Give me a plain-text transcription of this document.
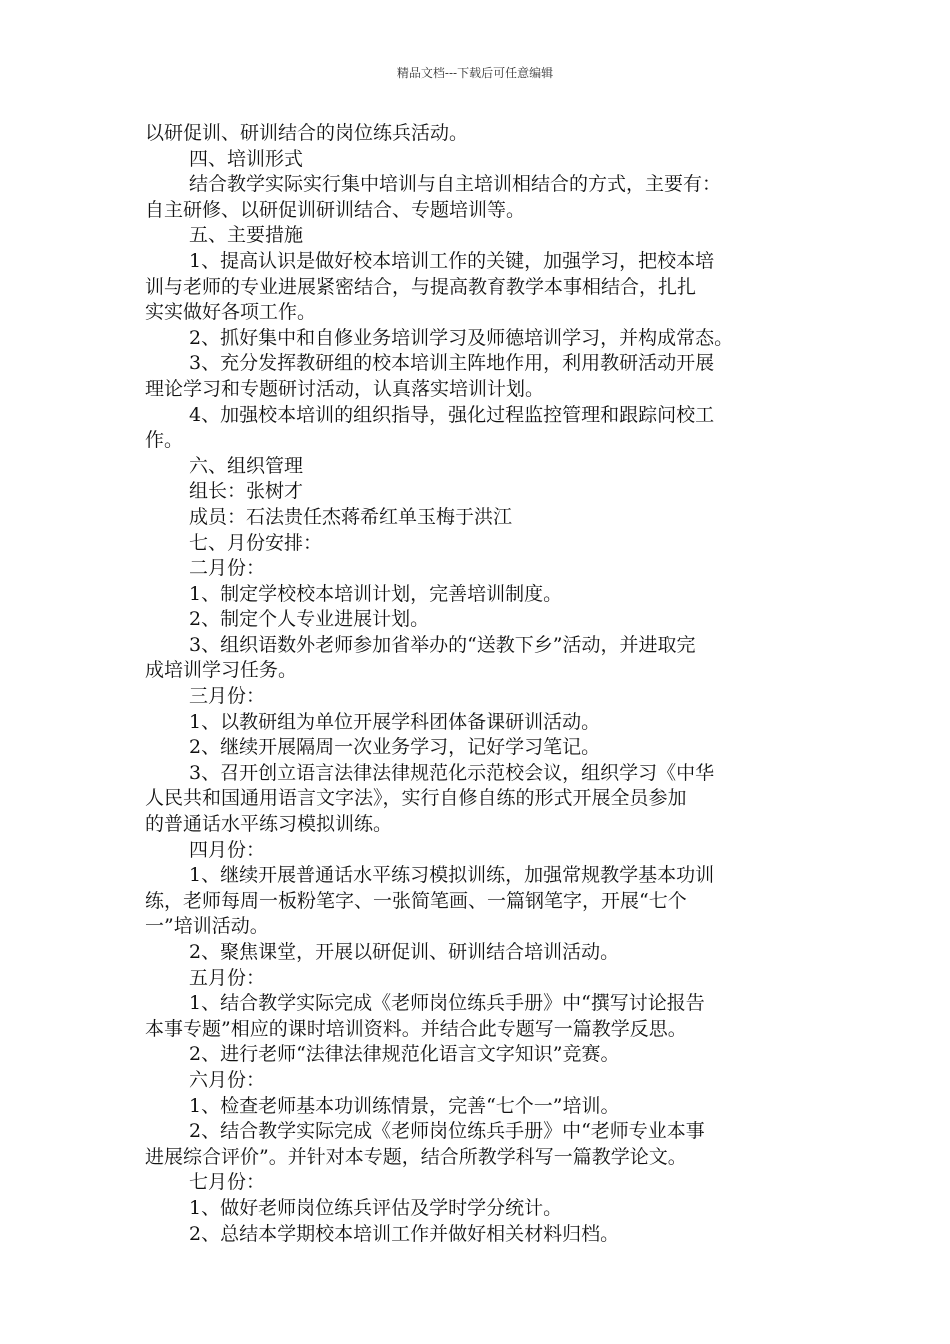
精品文档---下载后可任意编辑
以研促训、研训结合的岗位练兵活动。
四、培训形式
结合教学实际实行集中培训与自主培训相结合的方式，主要有：
自主研修、以研促训研训结合、专题培训等。
五、主要措施
1、提高认识是做好校本培训工作的关键，加强学习，把校本培
训与老师的专业进展紧密结合，与提高教育教学本事相结合，扎扎
实实做好各项工作。
2、抓好集中和自修业务培训学习及师德培训学习，并构成常态。
3、充分发挥教研组的校本培训主阵地作用，利用教研活动开展
理论学习和专题研讨活动，认真落实培训计划。
4、加强校本培训的组织指导，强化过程监控管理和跟踪问校工
作。
六、组织管理
组长：张树才
成员：石法贵任杰蒋希红单玉梅于洪江
七、月份安排：
二月份：
1、制定学校校本培训计划，完善培训制度。
2、制定个人专业进展计划。
3、组织语数外老师参加省举办的“送教下乡”活动，并进取完
成培训学习任务。
三月份：
1、以教研组为单位开展学科团体备课研训活动。
2、继续开展隔周一次业务学习，记好学习笔记。
3、召开创立语言法律法律规范化示范校会议，组织学习《中华
人民共和国通用语言文字法》，实行自修自练的形式开展全员参加
的普通话水平练习模拟训练。
四月份：
1、继续开展普通话水平练习模拟训练，加强常规教学基本功训
练，老师每周一板粉笔字、一张简笔画、一篇钢笔字，开展“七个
一”培训活动。
2、聚焦课堂，开展以研促训、研训结合培训活动。
五月份：
1、结合教学实际完成《老师岗位练兵手册》中“撰写讨论报告
本事专题”相应的课时培训资料。并结合此专题写一篇教学反思。
2、进行老师“法律法律规范化语言文字知识”竞赛。
六月份：
1、检查老师基本功训练情景，完善“七个一”培训。
2、结合教学实际完成《老师岗位练兵手册》中“老师专业本事
进展综合评价”。并针对本专题，结合所教学科写一篇教学论文。
七月份：
1、做好老师岗位练兵评估及学时学分统计。
2、总结本学期校本培训工作并做好相关材料归档。
